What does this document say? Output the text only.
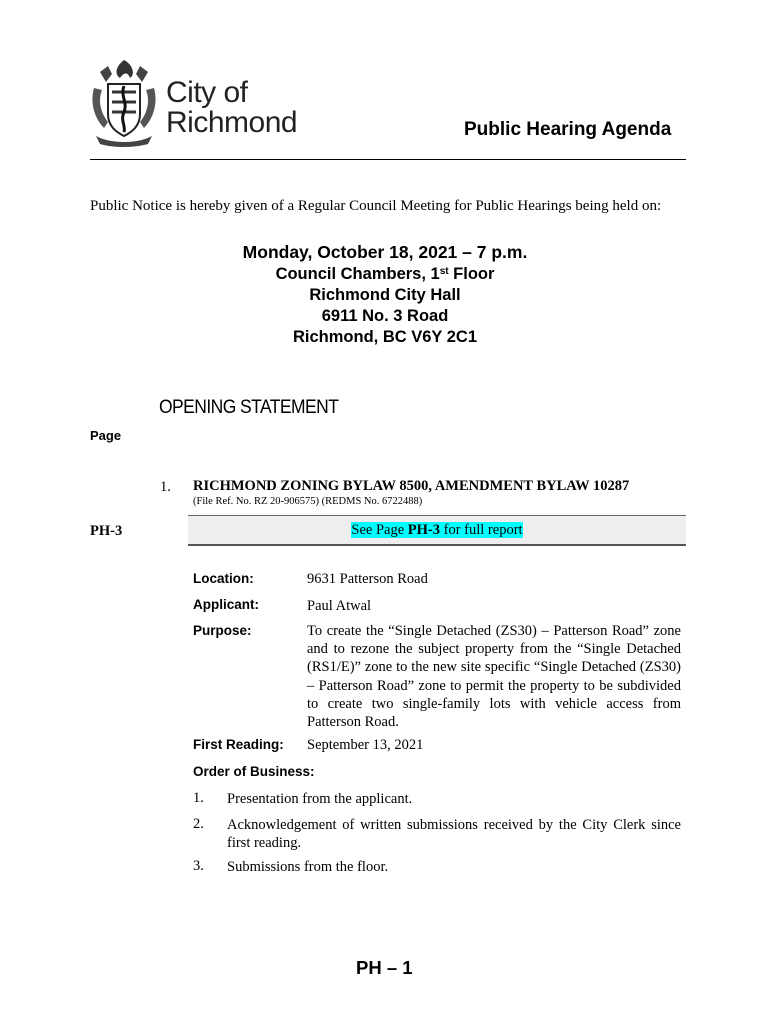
City of
Richmond	Public Hearing Agenda
Public Notice is hereby given of a Regular Council Meeting for Public Hearings being held on:
Monday, October 18, 2021 – 7 p.m.
Council Chambers, 1st Floor
Richmond City Hall
6911 No. 3 Road
Richmond, BC V6Y 2C1
OPENING STATEMENT
Page
1. RICHMOND ZONING BYLAW 8500, AMENDMENT BYLAW 10287
(File Ref. No. RZ 20-906575) (REDMS No. 6722488)
PH-3	See Page PH-3 for full report
Location:	9631 Patterson Road
Applicant:	Paul Atwal
Purpose:	To create the “Single Detached (ZS30) – Patterson Road” zone and to rezone the subject property from the “Single Detached (RS1/E)” zone to the new site specific “Single Detached (ZS30) – Patterson Road” zone to permit the property to be subdivided to create two single-family lots with vehicle access from Patterson Road.
First Reading: September 13, 2021
Order of Business:
1. Presentation from the applicant.
2. Acknowledgement of written submissions received by the City Clerk since first reading.
3. Submissions from the floor.
PH – 1
